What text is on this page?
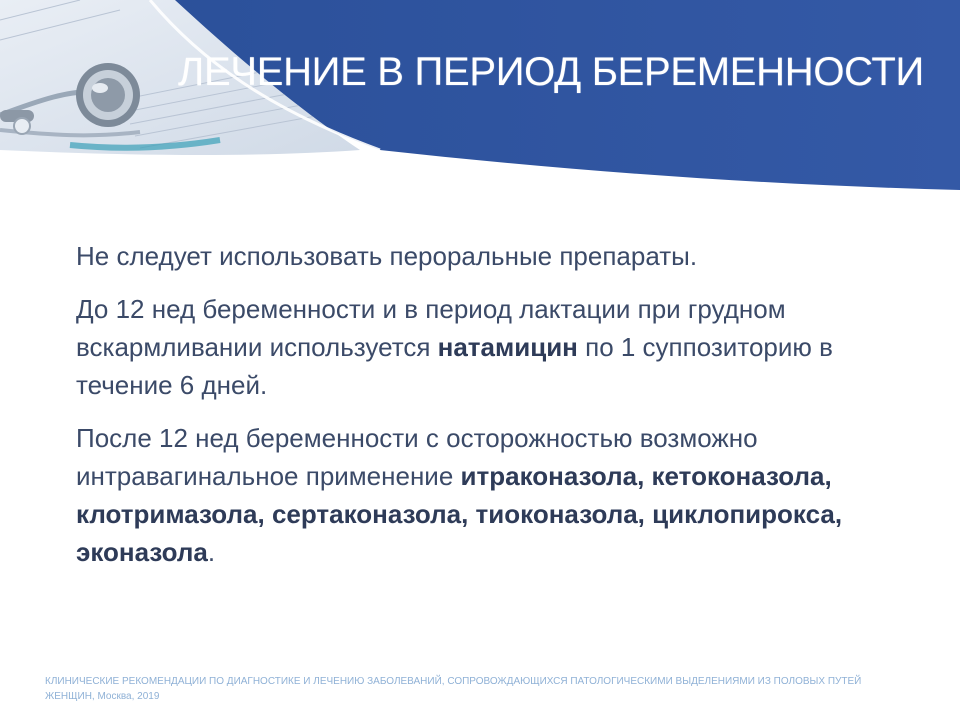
ЛЕЧЕНИЕ В ПЕРИОД БЕРЕМЕННОСТИ

Не следует использовать пероральные препараты.

До 12 нед беременности и в период лактации при грудном вскармливании используется натамицин по 1 суппозиторию в течение 6 дней.

После 12 нед беременности с осторожностью возможно интравагинальное применение итраконазола, кетоконазола, клотримазола, сертаконазола, тиоконазола, циклопирокса, эконазола.

КЛИНИЧЕСКИЕ РЕКОМЕНДАЦИИ ПО ДИАГНОСТИКЕ И ЛЕЧЕНИЮ ЗАБОЛЕВАНИЙ, СОПРОВОЖДАЮЩИХСЯ ПАТОЛОГИЧЕСКИМИ ВЫДЕЛЕНИЯМИ ИЗ ПОЛОВЫХ ПУТЕЙ
ЖЕНЩИН, Москва, 2019
